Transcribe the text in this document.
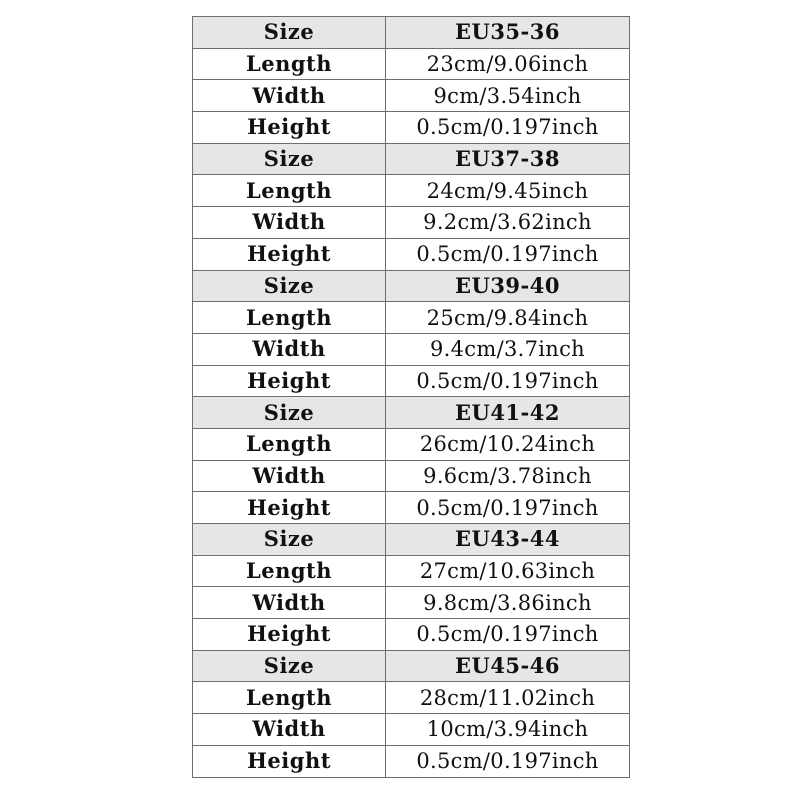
Size	EU35-36
Length	23cm/9.06inch
Width	9cm/3.54inch
Height	0.5cm/0.197inch
Size	EU37-38
Length	24cm/9.45inch
Width	9.2cm/3.62inch
Height	0.5cm/0.197inch
Size	EU39-40
Length	25cm/9.84inch
Width	9.4cm/3.7inch
Height	0.5cm/0.197inch
Size	EU41-42
Length	26cm/10.24inch
Width	9.6cm/3.78inch
Height	0.5cm/0.197inch
Size	EU43-44
Length	27cm/10.63inch
Width	9.8cm/3.86inch
Height	0.5cm/0.197inch
Size	EU45-46
Length	28cm/11.02inch
Width	10cm/3.94inch
Height	0.5cm/0.197inch
